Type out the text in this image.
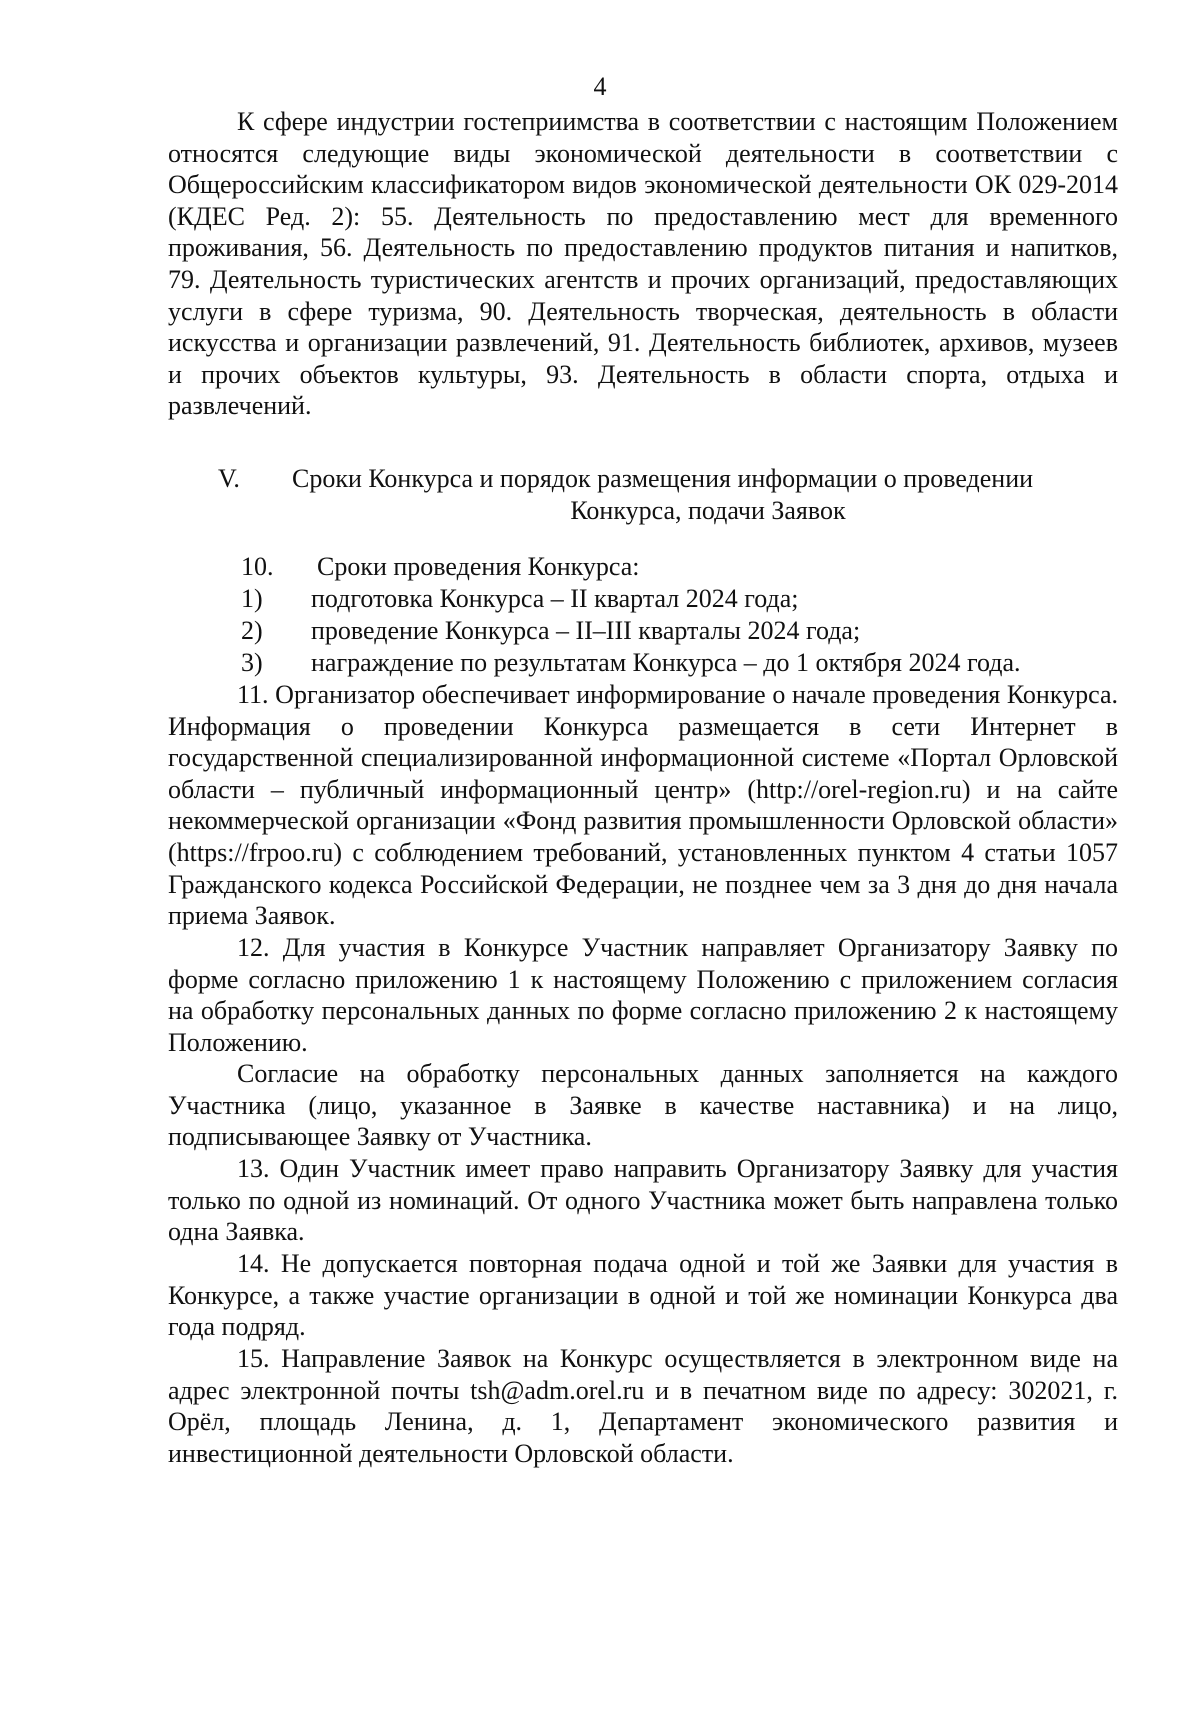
4

К сфере индустрии гостеприимства в соответствии с настоящим Положением относятся следующие виды экономической деятельности в соответствии с Общероссийским классификатором видов экономической деятельности ОК 029-2014 (КДЕС Ред. 2): 55. Деятельность по предоставлению мест для временного проживания, 56. Деятельность по предоставлению продуктов питания и напитков, 79. Деятельность туристических агентств и прочих организаций, предоставляющих услуги в сфере туризма, 90. Деятельность творческая, деятельность в области искусства и организации развлечений, 91. Деятельность библиотек, архивов, музеев и прочих объектов культуры, 93. Деятельность в области спорта, отдыха и развлечений.

V. Сроки Конкурса и порядок размещения информации о проведении
Конкурса, подачи Заявок
10. Сроки проведения Конкурса:
1) подготовка Конкурса – II квартал 2024 года;
2) проведение Конкурса – II–III кварталы 2024 года;
3) награждение по результатам Конкурса – до 1 октября 2024 года.

11. Организатор обеспечивает информирование о начале проведения Конкурса. Информация о проведении Конкурса размещается в сети Интернет в государственной специализированной информационной системе «Портал Орловской области – публичный информационный центр» (http://orel-region.ru) и на сайте некоммерческой организации «Фонд развития промышленности Орловской области» (https://frpoo.ru) с соблюдением требований, установленных пунктом 4 статьи 1057 Гражданского кодекса Российской Федерации, не позднее чем за 3 дня до дня начала приема Заявок.

12. Для участия в Конкурсе Участник направляет Организатору Заявку по форме согласно приложению 1 к настоящему Положению с приложением согласия на обработку персональных данных по форме согласно приложению 2 к настоящему Положению.

Согласие на обработку персональных данных заполняется на каждого Участника (лицо, указанное в Заявке в качестве наставника) и на лицо, подписывающее Заявку от Участника.

13. Один Участник имеет право направить Организатору Заявку для участия только по одной из номинаций. От одного Участника может быть направлена только одна Заявка.

14. Не допускается повторная подача одной и той же Заявки для участия в Конкурсе, а также участие организации в одной и той же номинации Конкурса два года подряд.

15. Направление Заявок на Конкурс осуществляется в электронном виде на адрес электронной почты tsh@adm.orel.ru и в печатном виде по адресу: 302021, г. Орёл, площадь Ленина, д. 1, Департамент экономического развития и инвестиционной деятельности Орловской области.
